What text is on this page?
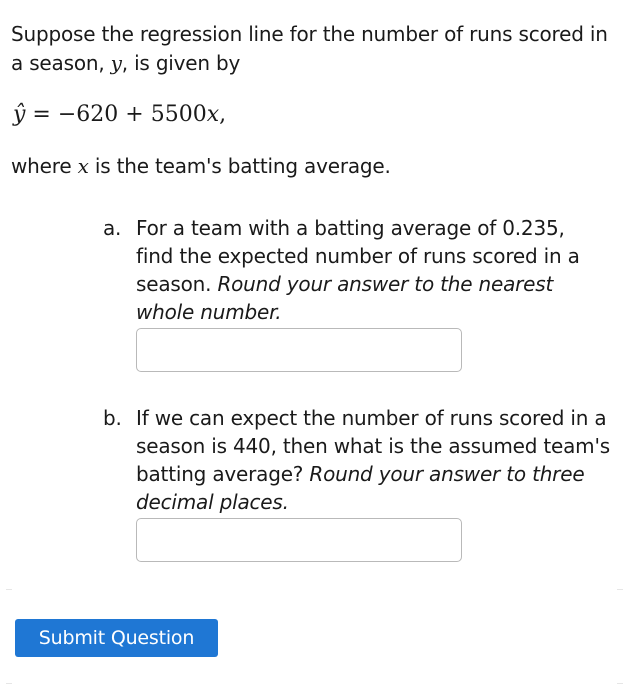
Suppose the regression line for the number of runs scored in
a season, y, is given by
ŷ = −620 + 5500x,
where x is the team's batting average.
a. For a team with a batting average of 0.235,
find the expected number of runs scored in a
season. Round your answer to the nearest
whole number.
b. If we can expect the number of runs scored in a
season is 440, then what is the assumed team's
batting average? Round your answer to three
decimal places.
Submit Question
